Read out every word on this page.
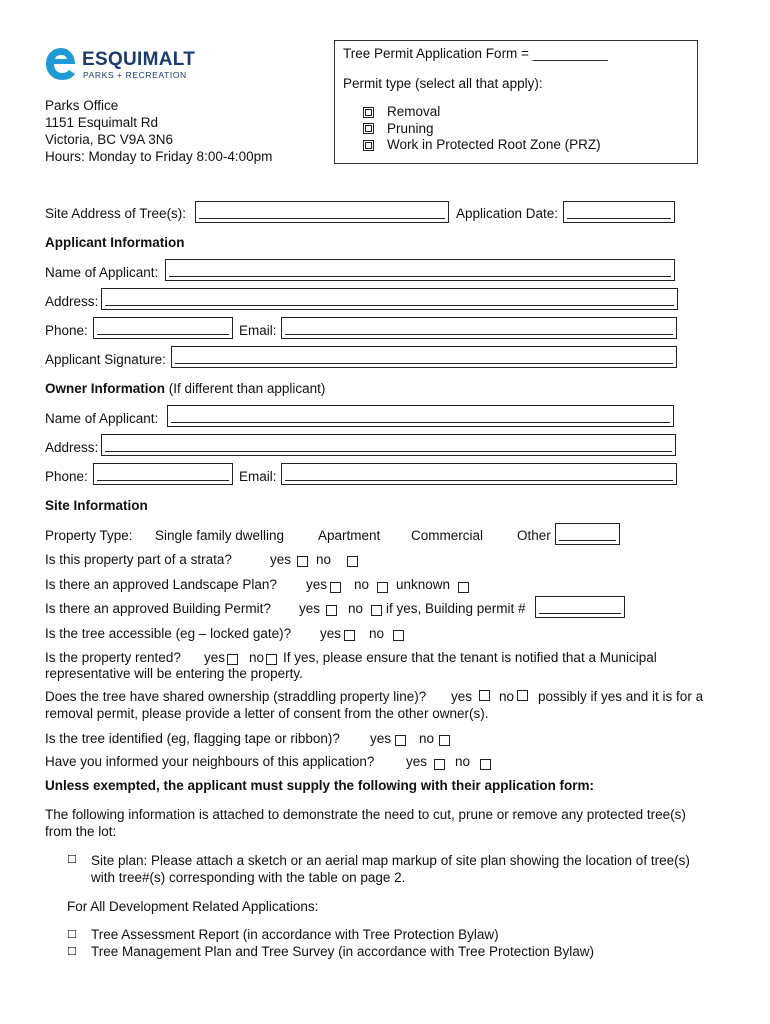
ESQUIMALT
PARKS + RECREATION
Parks Office
1151 Esquimalt Rd
Victoria, BC V9A 3N6
Hours: Monday to Friday 8:00-4:00pm
Tree Permit Application Form = __________
Permit type (select all that apply):
Removal
Pruning
Work in Protected Root Zone (PRZ)
Site Address of Tree(s):	Application Date:
Applicant Information
Name of Applicant:
Address:
Phone:	Email:
Applicant Signature:
Owner Information (If different than applicant)
Name of Applicant:
Address:
Phone:	Email:
Site Information
Property Type: Single family dwelling	Apartment Commercial	Other
Is this property part of a strata?	yes no
Is there an approved Landscape Plan? yes no unknown
Is there an approved Building Permit? yes no if yes, Building permit #
Is the tree accessible (eg – locked gate)? yes no
Is the property rented? yes no If yes, please ensure that the tenant is notified that a Municipal
representative will be entering the property.
Does the tree have shared ownership (straddling property line)? yes no possibly if yes and it is for a
removal permit, please provide a letter of consent from the other owner(s).
Is the tree identified (eg, flagging tape or ribbon)? yes no
Have you informed your neighbours of this application? yes no
Unless exempted, the applicant must supply the following with their application form:
The following information is attached to demonstrate the need to cut, prune or remove any protected tree(s) from the lot:
☐ Site plan: Please attach a sketch or an aerial map markup of site plan showing the location of tree(s) with tree#(s) corresponding with the table on page 2.
For All Development Related Applications:
☐ Tree Assessment Report (in accordance with Tree Protection Bylaw)
☐ Tree Management Plan and Tree Survey (in accordance with Tree Protection Bylaw)
